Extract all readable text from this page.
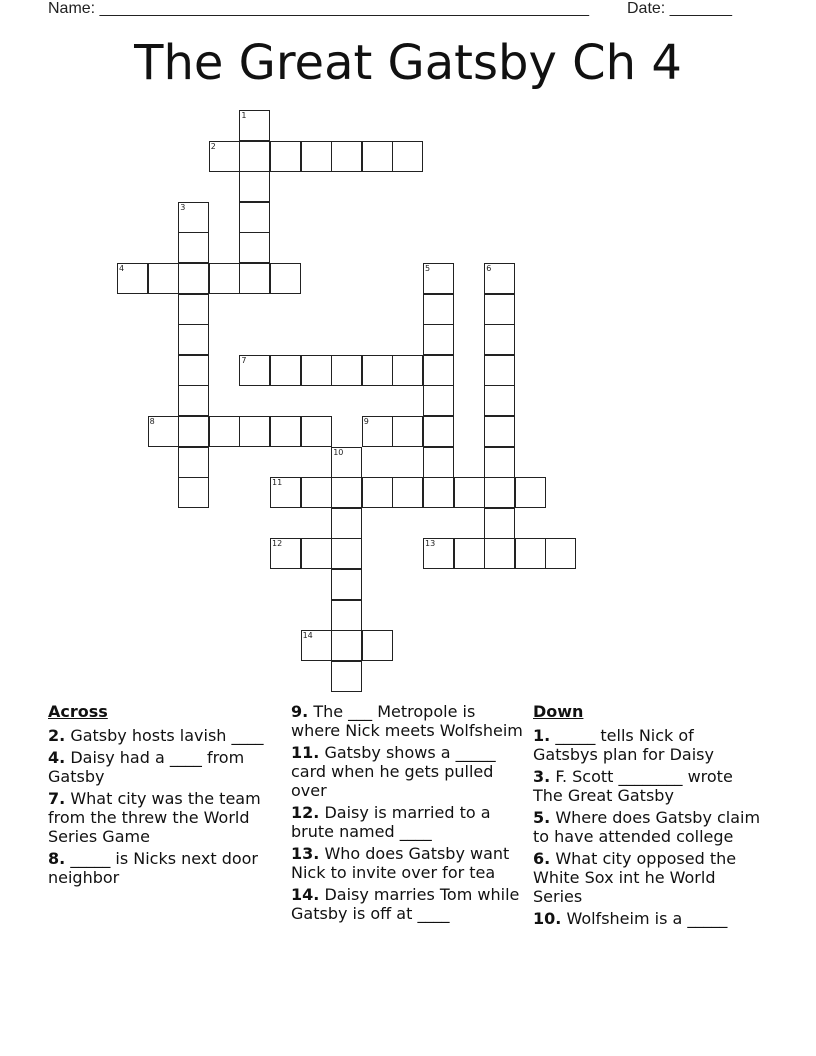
Name: _______________________________________________________ Date: _______
The Great Gatsby Ch 4
1
2
3
4	5	6
7
8	9
10
11
12	13
14
Across
2. Gatsby hosts lavish ____
4. Daisy had a ____ from Gatsby
7. What city was the team from the threw the World Series Game
8. _____ is Nicks next door neighbor
9. The ___ Metropole is where Nick meets Wolfsheim
11. Gatsby shows a _____ card when he gets pulled over
12. Daisy is married to a brute named ____
13. Who does Gatsby want Nick to invite over for tea
14. Daisy marries Tom while Gatsby is off at ____
Down
1. _____ tells Nick of Gatsbys plan for Daisy
3. F. Scott ________ wrote The Great Gatsby
5. Where does Gatsby claim to have attended college
6. What city opposed the White Sox int he World Series
10. Wolfsheim is a _____
